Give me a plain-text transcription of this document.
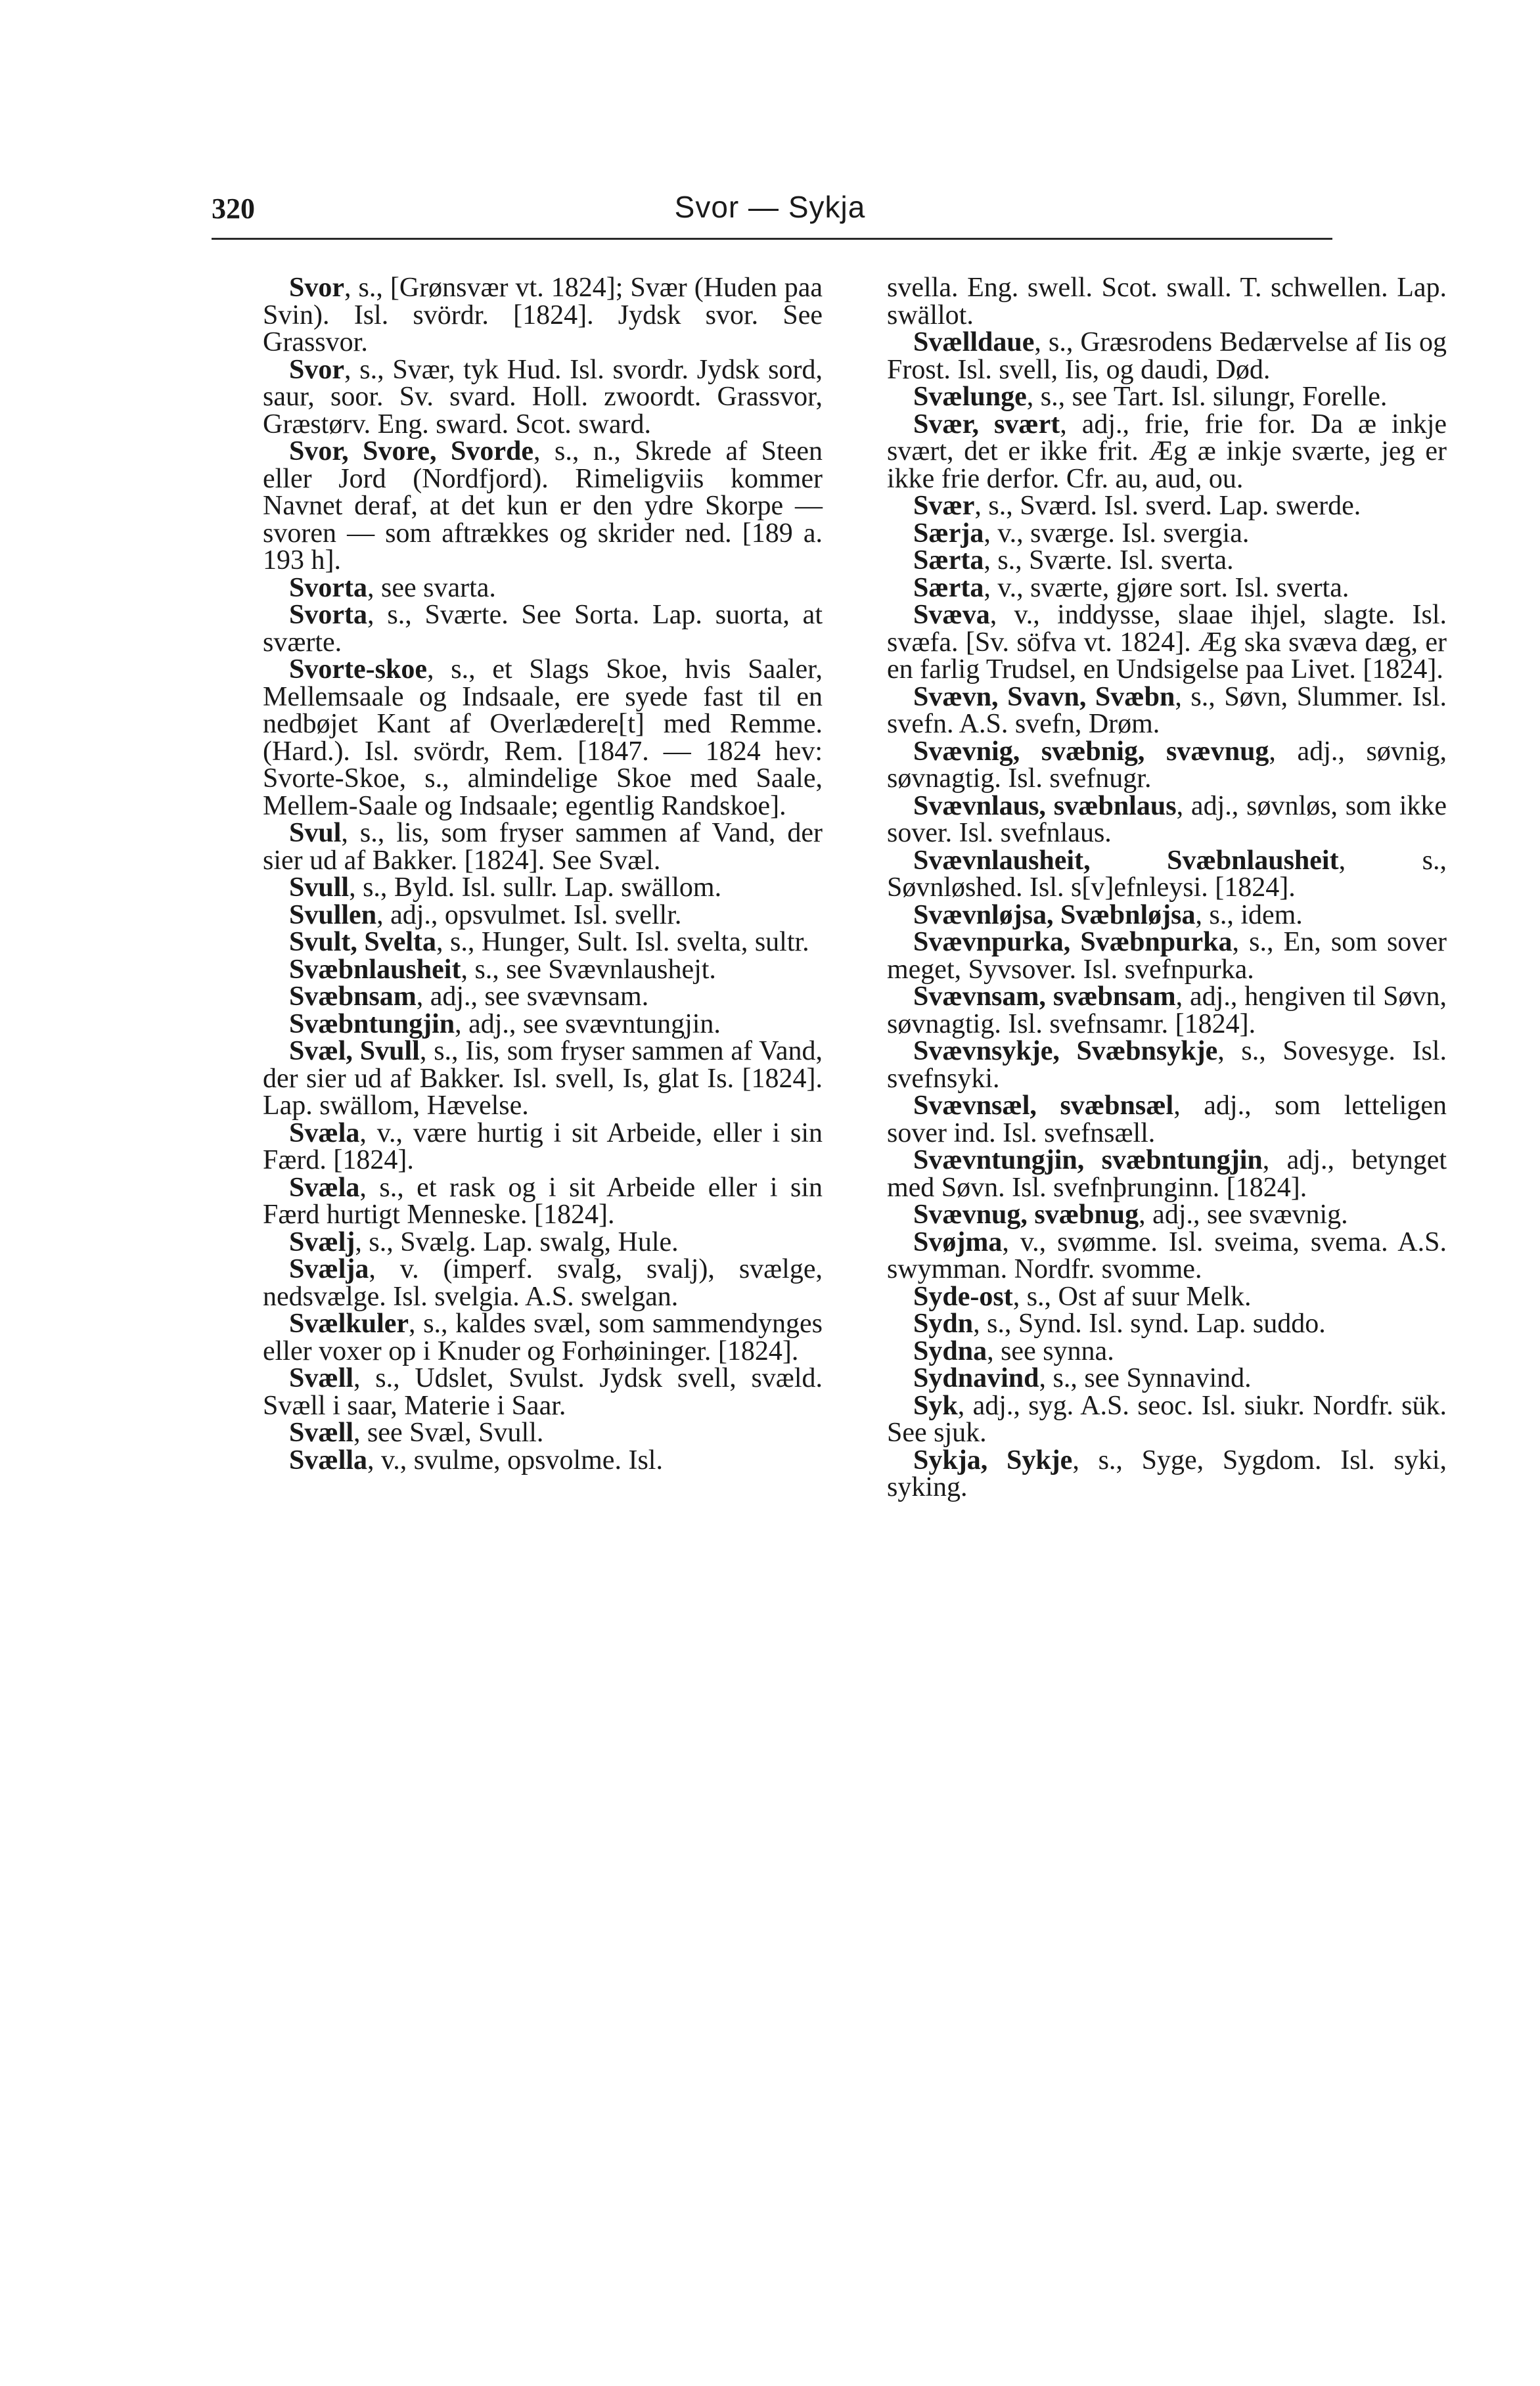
320	Svor — Sykja

Svor, s., [Grønsvær vt. 1824]; Svær (Huden paa Svin). Isl. svördr. [1824]. Jydsk svor. See Grassvor.

Svor, s., Svær, tyk Hud. Isl. svordr. Jydsk sord, saur, soor. Sv. svard. Holl. zwoordt. Grassvor, Græstørv. Eng. sward. Scot. sward.

Svor, Svore, Svorde, s., n., Skrede af Steen eller Jord (Nordfjord). Rimeligviis kommer Navnet deraf, at det kun er den ydre Skorpe — svoren — som aftrækkes og skrider ned. [189 a. 193 h].

Svorta, see svarta.

Svorta, s., Sværte. See Sorta. Lap. suorta, at sværte.

Svorte-skoe, s., et Slags Skoe, hvis Saaler, Mellemsaale og Indsaale, ere syede fast til en nedbøjet Kant af Overlædere[t] med Remme. (Hard.). Isl. svördr, Rem. [1847. — 1824 hev: Svorte-Skoe, s., almindelige Skoe med Saale, Mellem-Saale og Indsaale; egentlig Randskoe].

Svul, s., lis, som fryser sammen af Vand, der sier ud af Bakker. [1824]. See Svæl.

Svull, s., Byld. Isl. sullr. Lap. swällom.

Svullen, adj., opsvulmet. Isl. svellr.

Svult, Svelta, s., Hunger, Sult. Isl. svelta, sultr.

Svæbnlausheit, s., see Svævnlaushejt.

Svæbnsam, adj., see svævnsam.

Svæbntungjin, adj., see svævntungjin.

Svæl, Svull, s., Iis, som fryser sammen af Vand, der sier ud af Bakker. Isl. svell, Is, glat Is. [1824]. Lap. swällom, Hævelse.

Svæla, v., være hurtig i sit Arbeide, eller i sin Færd. [1824].

Svæla, s., et rask og i sit Arbeide eller i sin Færd hurtigt Menneske. [1824].

Svælj, s., Svælg. Lap. swalg, Hule.

Svælja, v. (imperf. svalg, svalj), svælge, nedsvælge. Isl. svelgia. A.S. swelgan.

Svælkuler, s., kaldes svæl, som sammendynges eller voxer op i Knuder og Forhøininger. [1824].

Svæll, s., Udslet, Svulst. Jydsk svell, svæld. Svæll i saar, Materie i Saar.

Svæll, see Svæl, Svull.

Svælla, v., svulme, opsvolme. Isl.

svella. Eng. swell. Scot. swall. T. schwellen. Lap. swällot.

Svælldaue, s., Græsrodens Bedærvelse af Iis og Frost. Isl. svell, Iis, og daudi, Død.

Svælunge, s., see Tart. Isl. silungr, Forelle.

Svær, svært, adj., frie, frie for. Da æ inkje svært, det er ikke frit. Æg æ inkje sværte, jeg er ikke frie derfor. Cfr. au, aud, ou.

Svær, s., Sværd. Isl. sverd. Lap. swerde.

Særja, v., sværge. Isl. svergia.

Særta, s., Sværte. Isl. sverta.

Særta, v., sværte, gjøre sort. Isl. sverta.

Svæva, v., inddysse, slaae ihjel, slagte. Isl. svæfa. [Sv. söfva vt. 1824]. Æg ska svæva dæg, er en farlig Trudsel, en Undsigelse paa Livet. [1824].

Svævn, Svavn, Svæbn, s., Søvn, Slummer. Isl. svefn. A.S. svefn, Drøm.

Svævnig, svæbnig, svævnug, adj., søvnig, søvnagtig. Isl. svefnugr.

Svævnlaus, svæbnlaus, adj., søvnløs, som ikke sover. Isl. svefnlaus.

Svævnlausheit, Svæbnlausheit, s., Søvnløshed. Isl. s[v]efnleysi. [1824].

Svævnløjsa, Svæbnløjsa, s., idem.

Svævnpurka, Svæbnpurka, s., En, som sover meget, Syvsover. Isl. svefnpurka.

Svævnsam, svæbnsam, adj., hengiven til Søvn, søvnagtig. Isl. svefnsamr. [1824].

Svævnsykje, Svæbnsykje, s., Sovesyge. Isl. svefnsyki.

Svævnsæl, svæbnsæl, adj., som letteligen sover ind. Isl. svefnsæll.

Svævntungjin, svæbntungjin, adj., betynget med Søvn. Isl. svefnþrunginn. [1824].

Svævnug, svæbnug, adj., see svævnig.

Svøjma, v., svømme. Isl. sveima, svema. A.S. swymman. Nordfr. svomme.

Syde-ost, s., Ost af suur Melk.

Sydn, s., Synd. Isl. synd. Lap. suddo.

Sydna, see synna.

Sydnavind, s., see Synnavind.

Syk, adj., syg. A.S. seoc. Isl. siukr. Nordfr. sük. See sjuk.

Sykja, Sykje, s., Syge, Sygdom. Isl. syki, syking.
